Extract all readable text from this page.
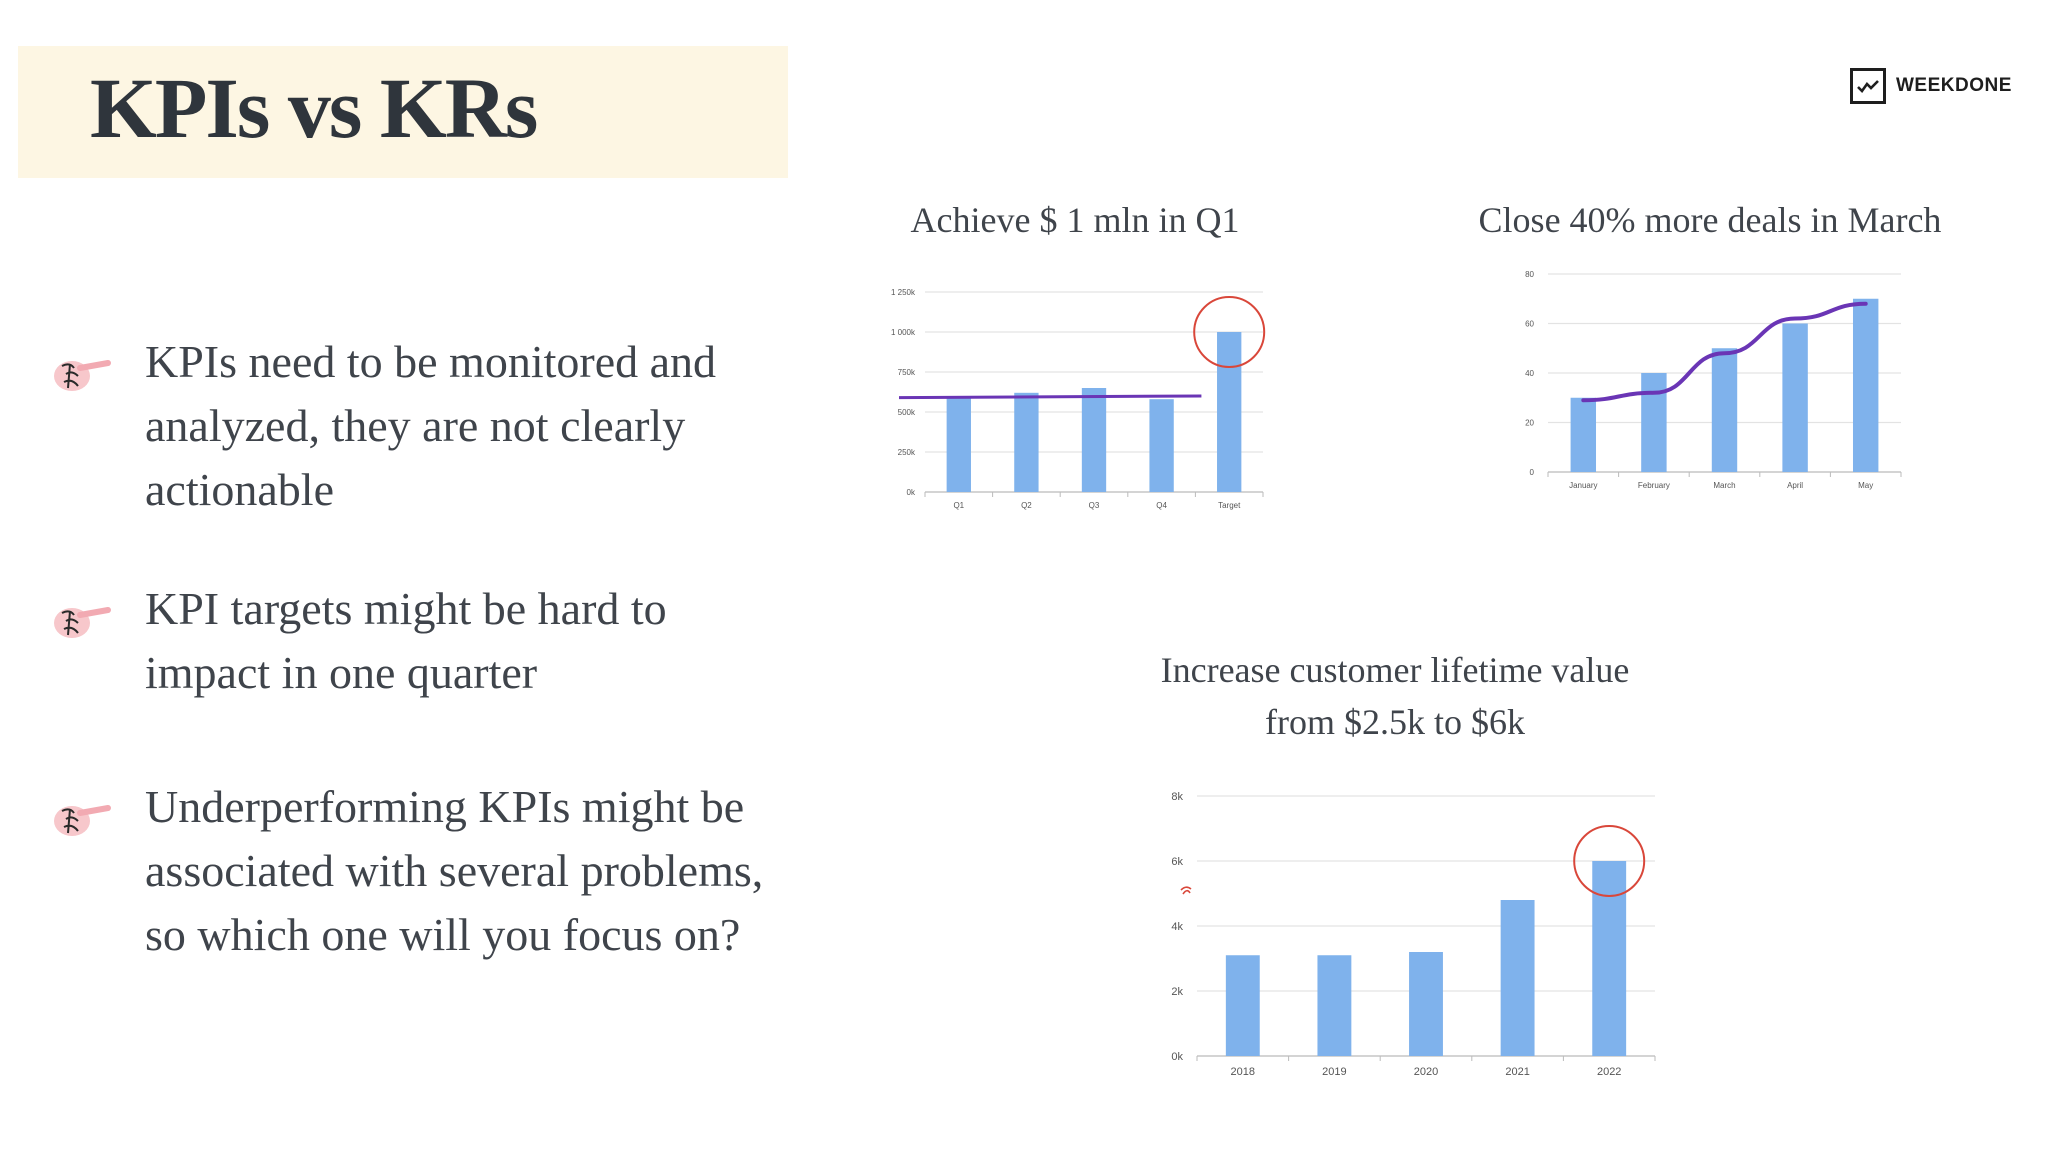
KPIs vs KRs	WEEKDONE
KPIs need to be monitored and analyzed, they are not clearly actionable
KPI targets might be hard to impact in one quarter
Underperforming KPIs might be associated with several problems, so which one will you focus on?
Achieve $ 1 mln in Q1	Close 40% more deals in March
Increase customer lifetime value
from $2.5k to $6k
0k
250k
500k
750k
1 000k
1 250k
Q1	Q2	Q3	Q4	Target
0
20
40
60
80
January	February	March	April	May
0k
2k
4k
6k
8k
2018	2019	2020	2021	2022
